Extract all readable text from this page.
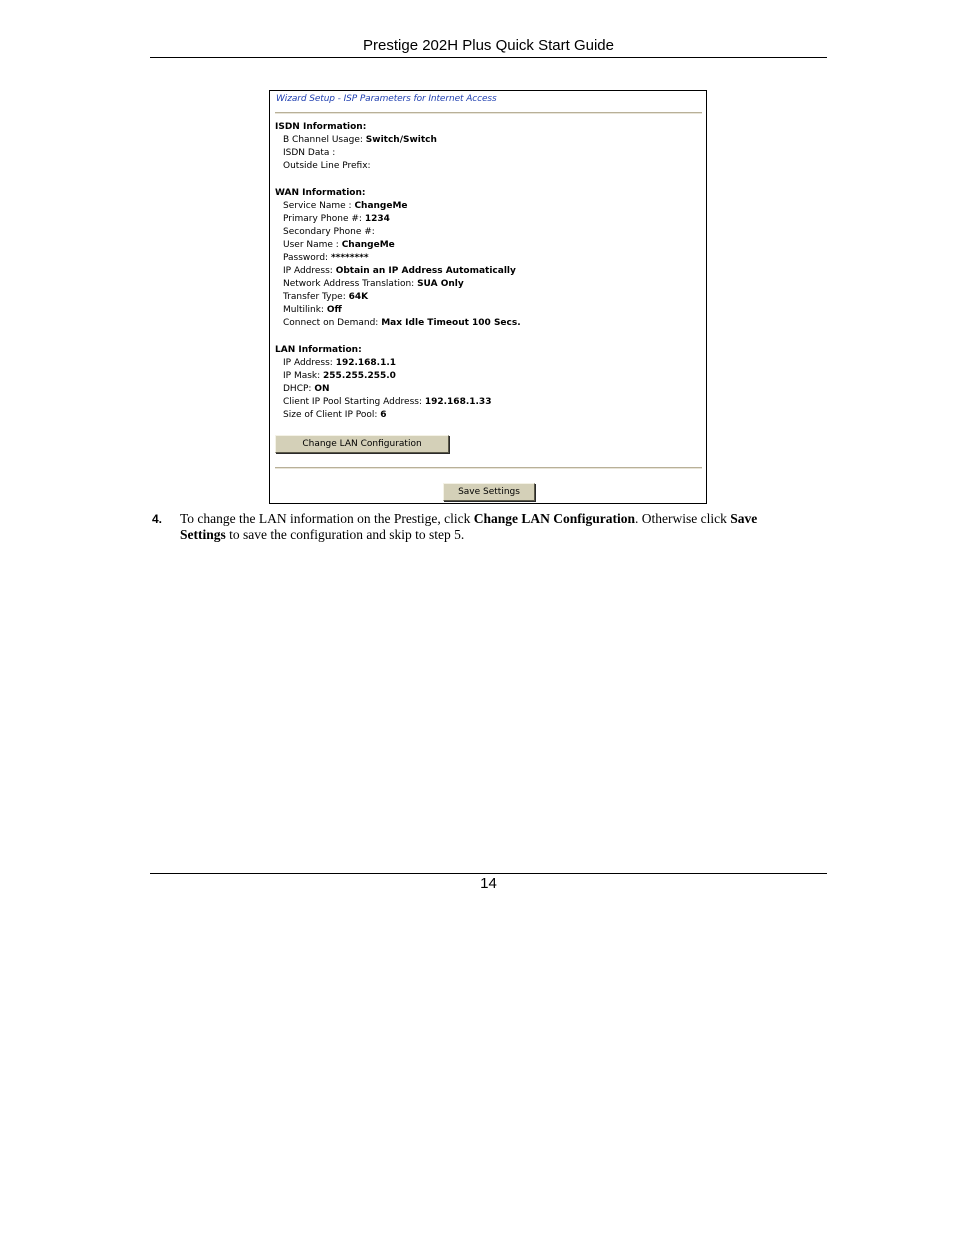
Prestige 202H Plus Quick Start Guide
Wizard Setup - ISP Parameters for Internet Access
ISDN Information:
B Channel Usage: Switch/Switch
ISDN Data :
Outside Line Prefix:
WAN Information:
Service Name : ChangeMe
Primary Phone #: 1234
Secondary Phone #:
User Name : ChangeMe
Password: ********
IP Address: Obtain an IP Address Automatically
Network Address Translation: SUA Only
Transfer Type: 64K
Multilink: Off
Connect on Demand: Max Idle Timeout 100 Secs.
LAN Information:
IP Address: 192.168.1.1
IP Mask: 255.255.255.0
DHCP: ON
Client IP Pool Starting Address: 192.168.1.33
Size of Client IP Pool: 6
Change LAN Configuration
Save Settings
4. To change the LAN information on the Prestige, click Change LAN Configuration. Otherwise click Save Settings to save the configuration and skip to step 5.
14
